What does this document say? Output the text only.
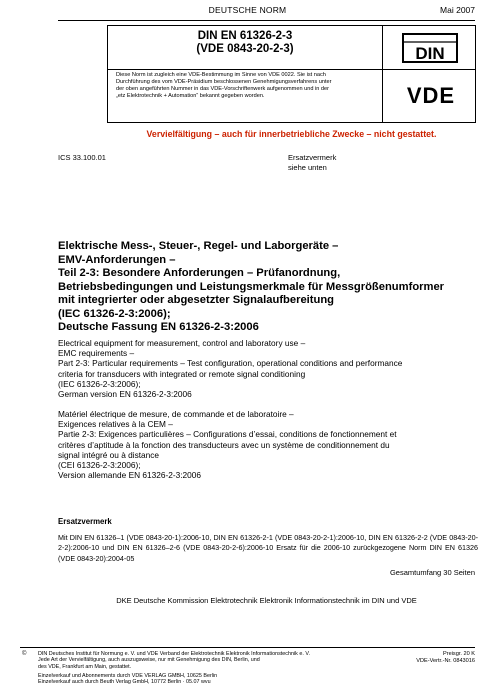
DEUTSCHE NORM	Mai 2007
DIN EN 61326-2-3
(VDE 0843-20-2-3)
Diese Norm ist zugleich eine VDE-Bestimmung im Sinne von VDE 0022. Sie ist nach
Durchführung des vom VDE-Präsidium beschlossenen Genehmigungsverfahrens unter
der oben angeführten Nummer in das VDE-Vorschriftenwerk aufgenommen und in der
„etz Elektrotechnik + Automation“ bekannt gegeben worden.
DIN
VDE
Vervielfältigung – auch für innerbetriebliche Zwecke – nicht gestattet.
ICS 33.100.01	Ersatzvermerk
siehe unten
Elektrische Mess-, Steuer-, Regel- und Laborgeräte –
EMV-Anforderungen –
Teil 2-3: Besondere Anforderungen – Prüfanordnung,
Betriebsbedingungen und Leistungsmerkmale für Messgrößenumformer
mit integrierter oder abgesetzter Signalaufbereitung
(IEC 61326-2-3:2006);
Deutsche Fassung EN 61326-2-3:2006
Electrical equipment for measurement, control and laboratory use –
EMC requirements –
Part 2-3: Particular requirements – Test configuration, operational conditions and performance
criteria for transducers with integrated or remote signal conditioning
(IEC 61326-2-3:2006);
German version EN 61326-2-3:2006
Matériel électrique de mesure, de commande et de laboratoire –
Exigences relatives à la CEM –
Partie 2-3: Exigences particulières – Configurations d’essai, conditions de fonctionnement et
critères d’aptitude à la fonction des transducteurs avec un système de conditionnement du
signal intégré ou à distance
(CEI 61326-2-3:2006);
Version allemande EN 61326-2-3:2006
Ersatzvermerk
Mit DIN EN 61326–1 (VDE 0843-20-1):2006-10, DIN EN 61326-2-1 (VDE 0843-20-2-1):2006-10, DIN EN 61326-2-2 (VDE 0843-20-2-2):2006-10 und DIN EN 61326–2-6 (VDE 0843-20-2-6):2006-10 Ersatz für die 2006-10 zurückgezogene Norm DIN EN 61326 (VDE 0843-20):2004-05
Gesamtumfang 30 Seiten
DKE Deutsche Kommission Elektrotechnik Elektronik Informationstechnik im DIN und VDE
© DIN Deutsches Institut für Normung e. V. und VDE Verband der Elektrotechnik Elektronik Informationstechnik e. V.
Jede Art der Vervielfältigung, auch auszugsweise, nur mit Genehmigung des DIN, Berlin, und
des VDE, Frankfurt am Main, gestattet.
Preisgr. 20 K
VDE-Vertr.-Nr. 0843016
Einzelverkauf und Abonnements durch VDE VERLAG GMBH, 10625 Berlin
Einzelverkauf auch durch Beuth Verlag GmbH, 10772 Berlin · 05.07 wvu
